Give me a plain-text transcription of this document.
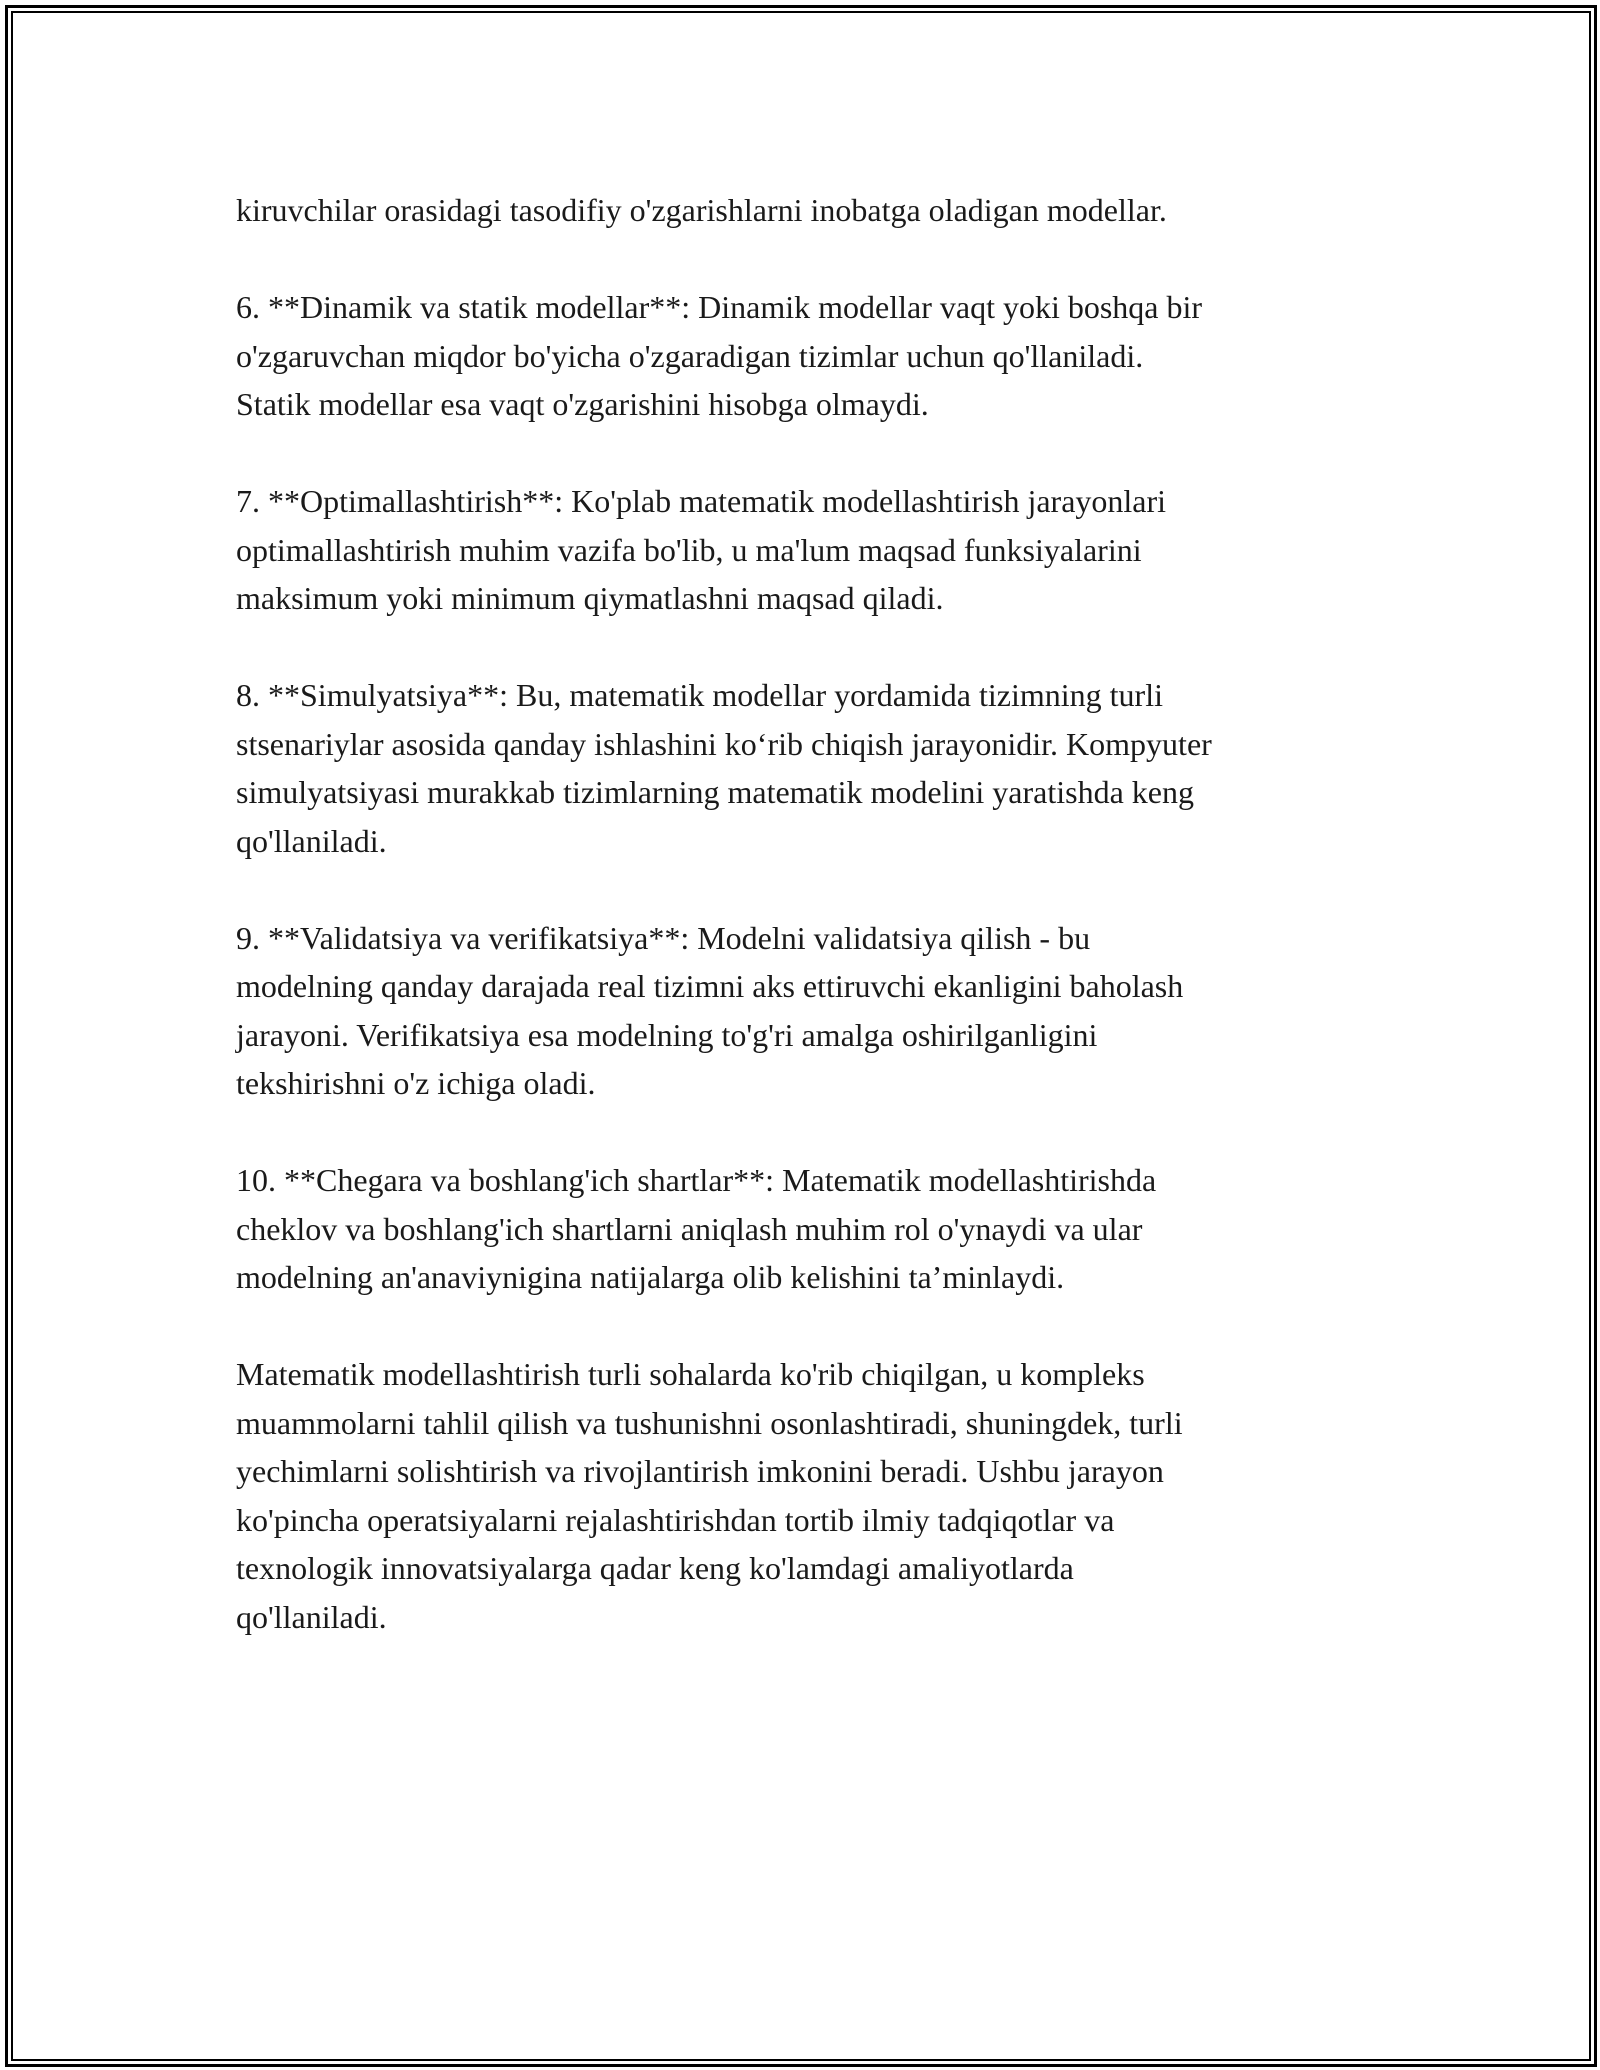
kiruvchilar orasidagi tasodifiy o'zgarishlarni inobatga oladigan modellar.

6. **Dinamik va statik modellar**: Dinamik modellar vaqt yoki boshqa bir
o'zgaruvchan miqdor bo'yicha o'zgaradigan tizimlar uchun qo'llaniladi.
Statik modellar esa vaqt o'zgarishini hisobga olmaydi.

7. **Optimallashtirish**: Ko'plab matematik modellashtirish jarayonlari
optimallashtirish muhim vazifa bo'lib, u ma'lum maqsad funksiyalarini
maksimum yoki minimum qiymatlashni maqsad qiladi.

8. **Simulyatsiya**: Bu, matematik modellar yordamida tizimning turli
stsenariylar asosida qanday ishlashini ko‘rib chiqish jarayonidir. Kompyuter
simulyatsiyasi murakkab tizimlarning matematik modelini yaratishda keng
qo'llaniladi.

9. **Validatsiya va verifikatsiya**: Modelni validatsiya qilish - bu
modelning qanday darajada real tizimni aks ettiruvchi ekanligini baholash
jarayoni. Verifikatsiya esa modelning to'g'ri amalga oshirilganligini
tekshirishni o'z ichiga oladi.

10. **Chegara va boshlang'ich shartlar**: Matematik modellashtirishda
cheklov va boshlang'ich shartlarni aniqlash muhim rol o'ynaydi va ular
modelning an'anaviynigina natijalarga olib kelishini ta’minlaydi.

Matematik modellashtirish turli sohalarda ko'rib chiqilgan, u kompleks
muammolarni tahlil qilish va tushunishni osonlashtiradi, shuningdek, turli
yechimlarni solishtirish va rivojlantirish imkonini beradi. Ushbu jarayon
ko'pincha operatsiyalarni rejalashtirishdan tortib ilmiy tadqiqotlar va
texnologik innovatsiyalarga qadar keng ko'lamdagi amaliyotlarda
qo'llaniladi.
